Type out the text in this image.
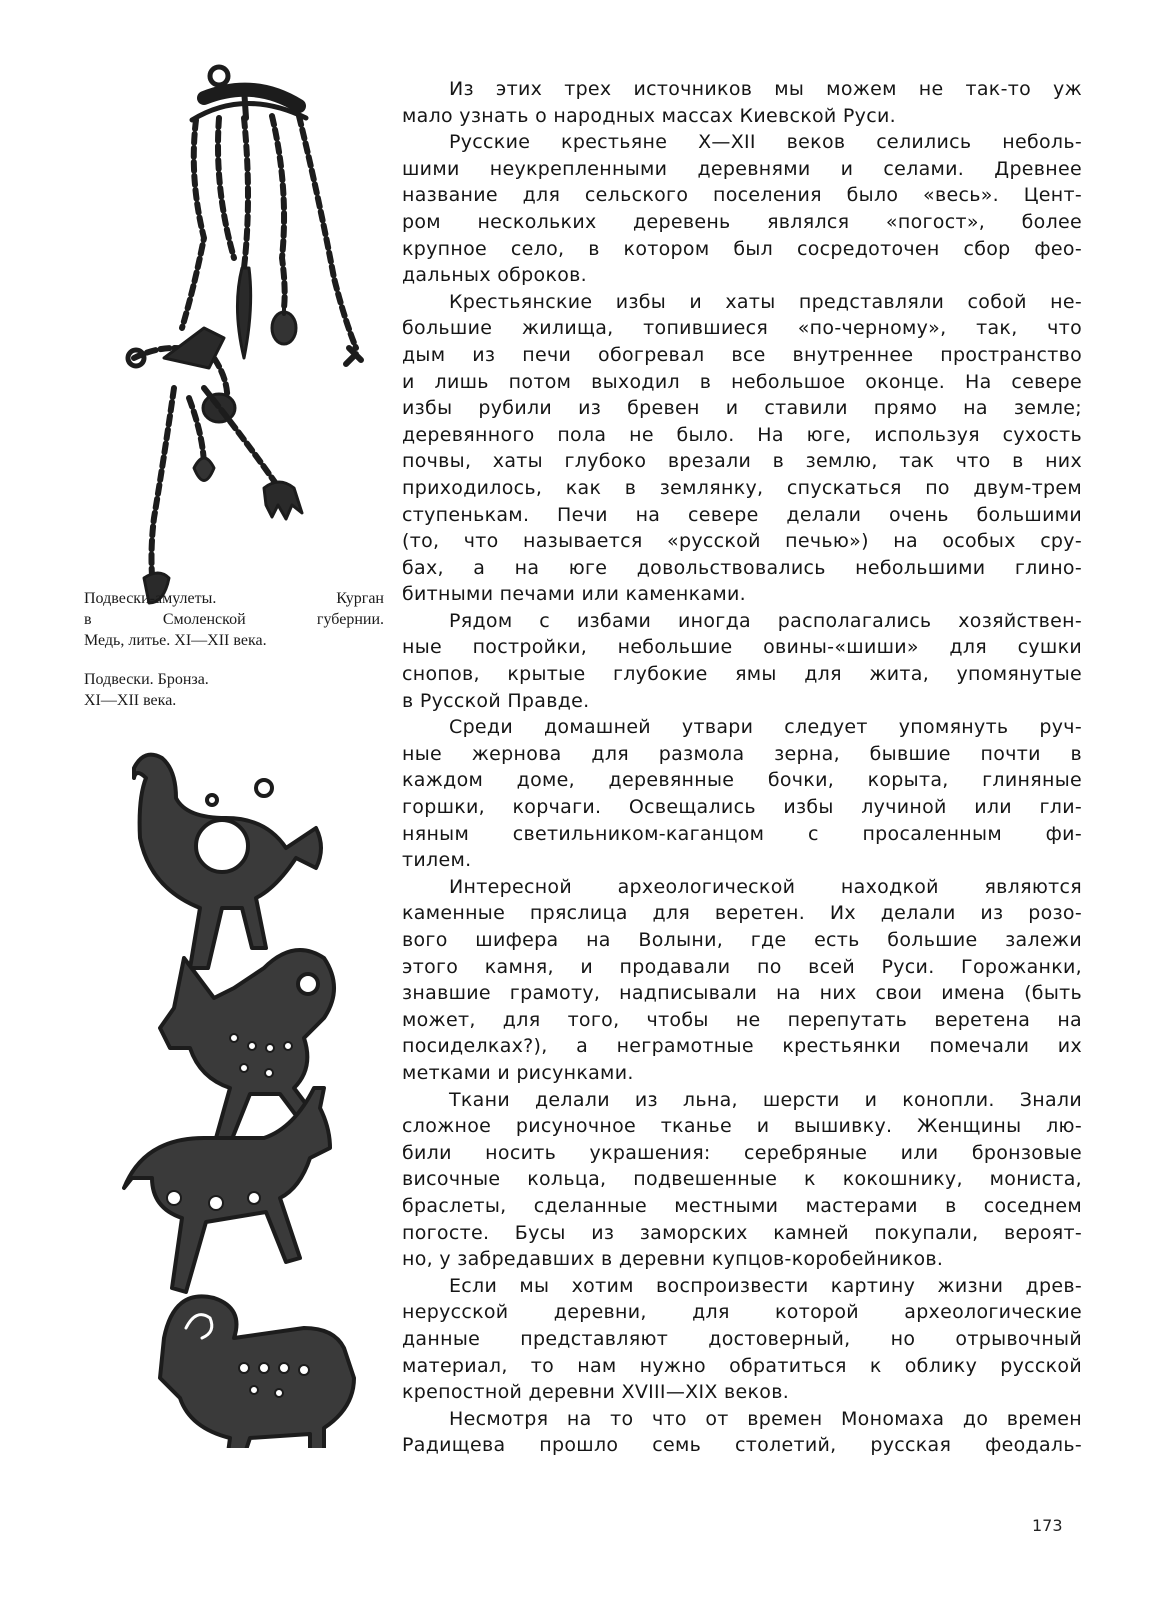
Подвески-амулеты. Курган
в Смоленской губернии.
Медь, литье. XI—XII века.
Подвески. Бронза.
XI—XII века.

Из этих трех источников мы можем не так-то уж
мало узнать о народных массах Киевской Руси.

Русские крестьяне X—XII веков селились неболь-
шими неукрепленными деревнями и селами. Древнее
название для сельского поселения было «весь». Цент-
ром нескольких деревень являлся «погост», более
крупное село, в котором был сосредоточен сбор фео-
дальных оброков.

Крестьянские избы и хаты представляли собой не-
большие жилища, топившиеся «по-черному», так, что
дым из печи обогревал все внутреннее пространство
и лишь потом выходил в небольшое оконце. На севере
избы рубили из бревен и ставили прямо на земле;
деревянного пола не было. На юге, используя сухость
почвы, хаты глубоко врезали в землю, так что в них
приходилось, как в землянку, спускаться по двум-трем
ступенькам. Печи на севере делали очень большими
(то, что называется «русской печью») на особых сру-
бах, а на юге довольствовались небольшими глино-
битными печами или каменками.

Рядом с избами иногда располагались хозяйствен-
ные постройки, небольшие овины-«шиши» для сушки
снопов, крытые глубокие ямы для жита, упомянутые
в Русской Правде.

Среди домашней утвари следует упомянуть руч-
ные жернова для размола зерна, бывшие почти в
каждом доме, деревянные бочки, корыта, глиняные
горшки, корчаги. Освещались избы лучиной или гли-
няным светильником-каганцом с просаленным фи-
тилем.

Интересной археологической находкой являются
каменные пряслица для веретен. Их делали из розо-
вого шифера на Волыни, где есть большие залежи
этого камня, и продавали по всей Руси. Горожанки,
знавшие грамоту, надписывали на них свои имена (быть
может, для того, чтобы не перепутать веретена на
посиделках?), а неграмотные крестьянки помечали их
метками и рисунками.

Ткани делали из льна, шерсти и конопли. Знали
сложное рисуночное тканье и вышивку. Женщины лю-
били носить украшения: серебряные или бронзовые
височные кольца, подвешенные к кокошнику, мониста,
браслеты, сделанные местными мастерами в соседнем
погосте. Бусы из заморских камней покупали, вероят-
но, у забредавших в деревни купцов-коробейников.

Если мы хотим воспроизвести картину жизни древ-
нерусской деревни, для которой археологические
данные представляют достоверный, но отрывочный
материал, то нам нужно обратиться к облику русской
крепостной деревни XVIII—XIX веков.

Несмотря на то что от времен Мономаха до времен
Радищева прошло семь столетий, русская феодаль-

173
